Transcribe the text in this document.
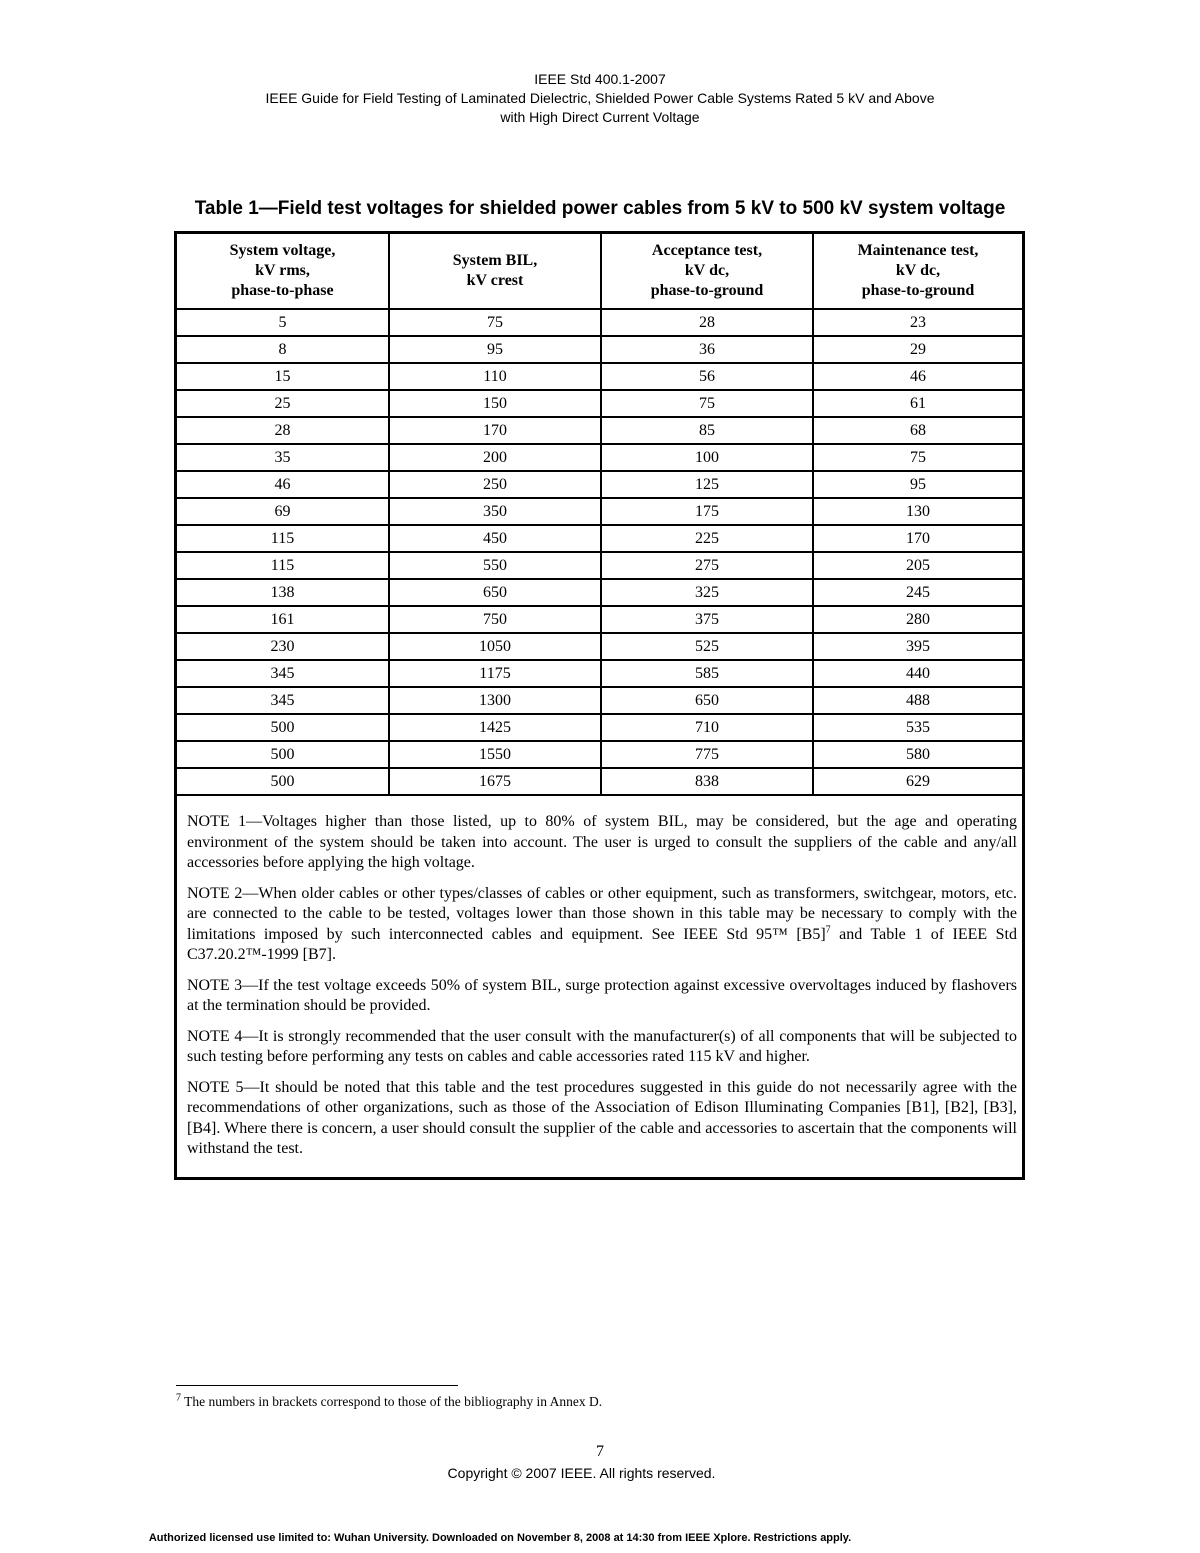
IEEE Std 400.1-2007
IEEE Guide for Field Testing of Laminated Dielectric, Shielded Power Cable Systems Rated 5 kV and Above
with High Direct Current Voltage
Table 1—Field test voltages for shielded power cables from 5 kV to 500 kV system voltage
System voltage,
kV rms,
phase-to-phase	System BIL,
kV crest	Acceptance test,
kV dc,
phase-to-ground	Maintenance test,
kV dc,
phase-to-ground

5	75	28	23
8	95	36	29
15	110	56	46
25	150	75	61
28	170	85	68
35	200	100	75
46	250	125	95
69	350	175	130
115	450	225	170
115	550	275	205
138	650	325	245
161	750	375	280
230	1050	525	395
345	1175	585	440
345	1300	650	488
500	1425	710	535
500	1550	775	580
500	1675	838	629

NOTE 1—Voltages higher than those listed, up to 80% of system BIL, may be considered, but the age and operating environment of the system should be taken into account. The user is urged to consult the suppliers of the cable and any/all accessories before applying the high voltage.

NOTE 2—When older cables or other types/classes of cables or other equipment, such as transformers, switchgear, motors, etc. are connected to the cable to be tested, voltages lower than those shown in this table may be necessary to comply with the limitations imposed by such interconnected cables and equipment. See IEEE Std 95™ $[B5]^7$ and Table 1 of IEEE Std C37.20.2™-1999 [B7].

NOTE 3—If the test voltage exceeds 50% of system BIL, surge protection against excessive overvoltages induced by flashovers at the termination should be provided.

NOTE 4—It is strongly recommended that the user consult with the manufacturer(s) of all components that will be subjected to such testing before performing any tests on cables and cable accessories rated 115 kV and higher.

NOTE 5—It should be noted that this table and the test procedures suggested in this guide do not necessarily agree with the recommendations of other organizations, such as those of the Association of Edison Illuminating Companies [B1], [B2], [B3], [B4]. Where there is concern, a user should consult the supplier of the cable and accessories to ascertain that the components will withstand the test.

$^7$ The numbers in brackets correspond to those of the bibliography in Annex D.
7
Copyright © 2007 IEEE. All rights reserved.
Authorized licensed use limited to: Wuhan University. Downloaded on November 8, 2008 at 14:30 from IEEE Xplore. Restrictions apply.
